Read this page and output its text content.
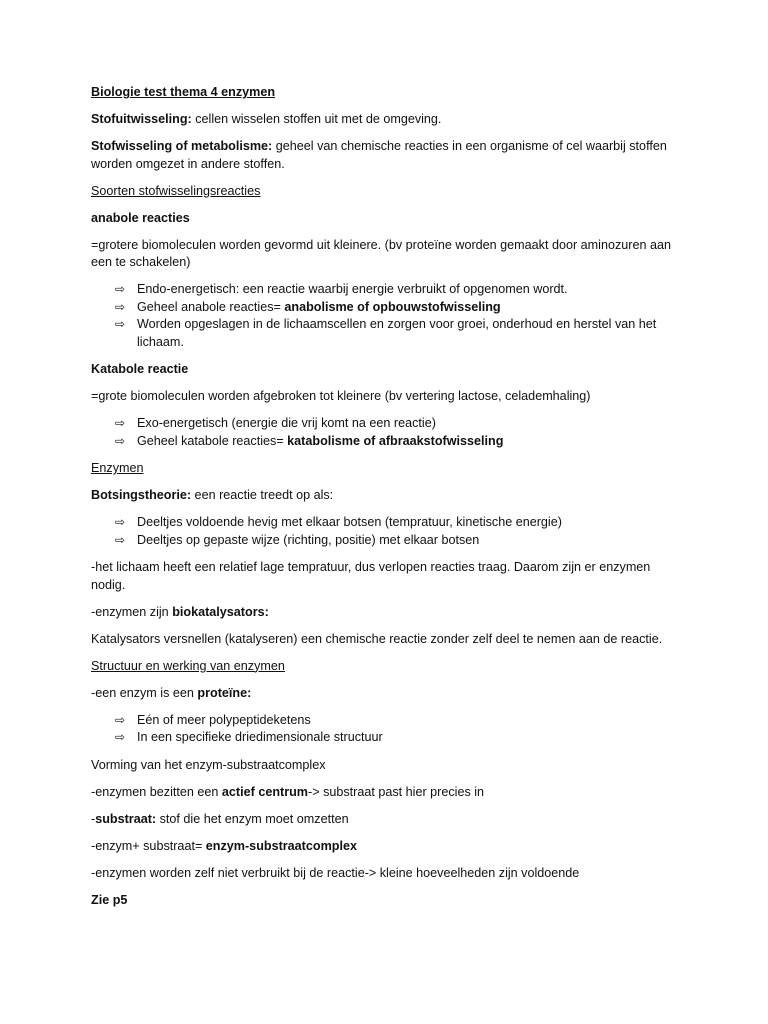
Biologie test thema 4 enzymen

Stofuitwisseling: cellen wisselen stoffen uit met de omgeving.

Stofwisseling of metabolisme: geheel van chemische reacties in een organisme of cel waarbij stoffen worden omgezet in andere stoffen.

Soorten stofwisselingsreacties

anabole reacties

=grotere biomoleculen worden gevormd uit kleinere. (bv proteïne worden gemaakt door aminozuren aan een te schakelen)

⇨ Endo-energetisch: een reactie waarbij energie verbruikt of opgenomen wordt.
⇨ Geheel anabole reacties= anabolisme of opbouwstofwisseling
⇨ Worden opgeslagen in de lichaamscellen en zorgen voor groei, onderhoud en herstel van het lichaam.

Katabole reactie

=grote biomoleculen worden afgebroken tot kleinere (bv vertering lactose, celademhaling)

⇨ Exo-energetisch (energie die vrij komt na een reactie)
⇨ Geheel katabole reacties= katabolisme of afbraakstofwisseling

Enzymen

Botsingstheorie: een reactie treedt op als:

⇨ Deeltjes voldoende hevig met elkaar botsen (tempratuur, kinetische energie)
⇨ Deeltjes op gepaste wijze (richting, positie) met elkaar botsen

-het lichaam heeft een relatief lage tempratuur, dus verlopen reacties traag. Daarom zijn er enzymen nodig.

-enzymen zijn biokatalysators:

Katalysators versnellen (katalyseren) een chemische reactie zonder zelf deel te nemen aan de reactie.

Structuur en werking van enzymen

-een enzym is een proteïne:

⇨ Eén of meer polypeptideketens
⇨ In een specifieke driedimensionale structuur

Vorming van het enzym-substraatcomplex

-enzymen bezitten een actief centrum-> substraat past hier precies in

-substraat: stof die het enzym moet omzetten

-enzym+ substraat= enzym-substraatcomplex

-enzymen worden zelf niet verbruikt bij de reactie-> kleine hoeveelheden zijn voldoende

Zie p5
